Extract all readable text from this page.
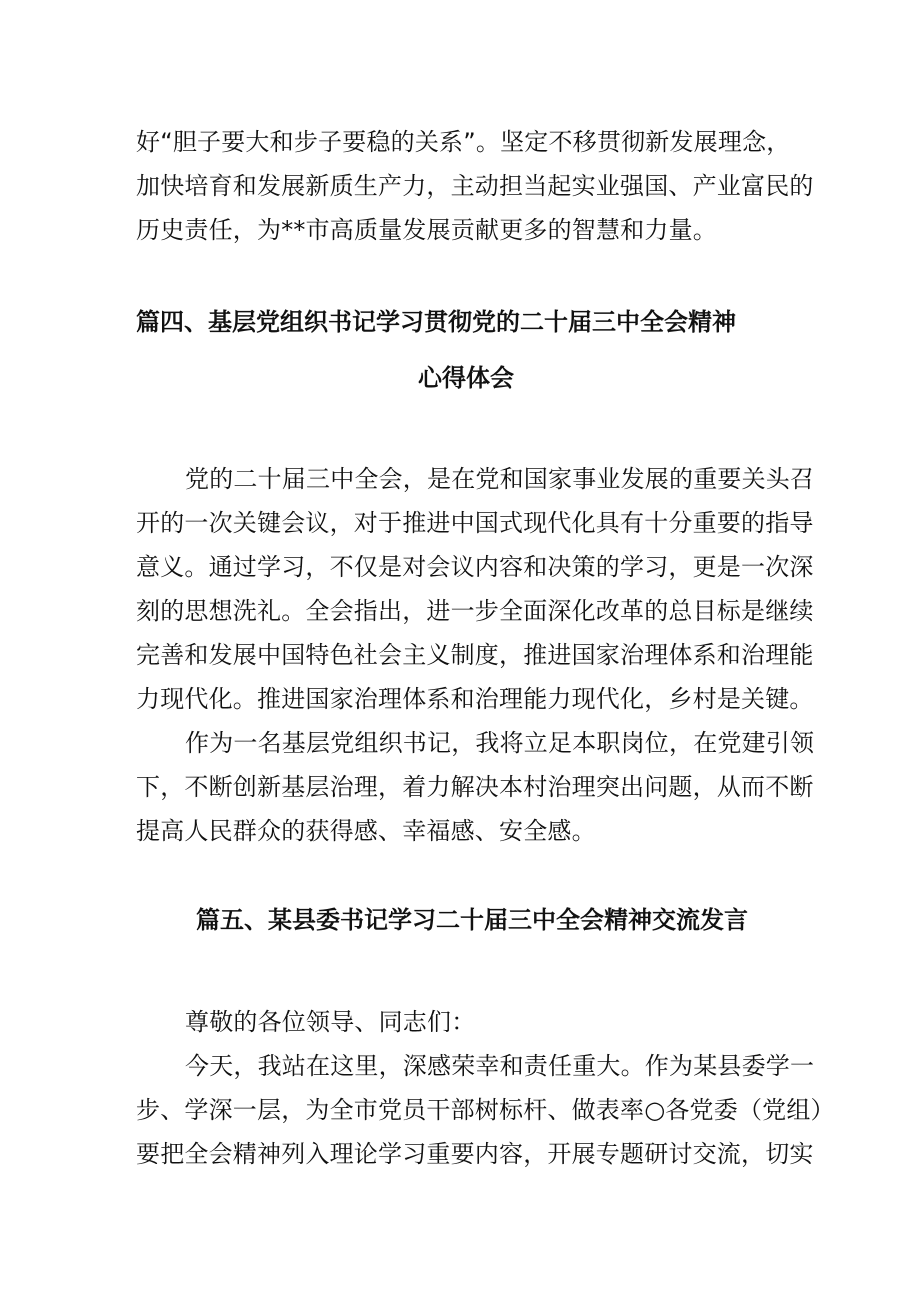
好“胆子要大和步子要稳的关系”。坚定不移贯彻新发展理念，
加快培育和发展新质生产力，主动担当起实业强国、产业富民的
历史责任，为**市高质量发展贡献更多的智慧和力量。
篇四、基层党组织书记学习贯彻党的二十届三中全会精神
心得体会
党的二十届三中全会，是在党和国家事业发展的重要关头召
开的一次关键会议，对于推进中国式现代化具有十分重要的指导
意义。通过学习，不仅是对会议内容和决策的学习，更是一次深
刻的思想洗礼。全会指出，进一步全面深化改革的总目标是继续
完善和发展中国特色社会主义制度，推进国家治理体系和治理能
力现代化。推进国家治理体系和治理能力现代化，乡村是关键。
作为一名基层党组织书记，我将立足本职岗位，在党建引领
下，不断创新基层治理，着力解决本村治理突出问题，从而不断
提高人民群众的获得感、幸福感、安全感。
篇五、某县委书记学习二十届三中全会精神交流发言
尊敬的各位领导、同志们：
今天，我站在这里，深感荣幸和责任重大。作为某县委学一
步、学深一层，为全市党员干部树标杆、做表率○各党委（党组）
要把全会精神列入理论学习重要内容，开展专题研讨交流，切实
